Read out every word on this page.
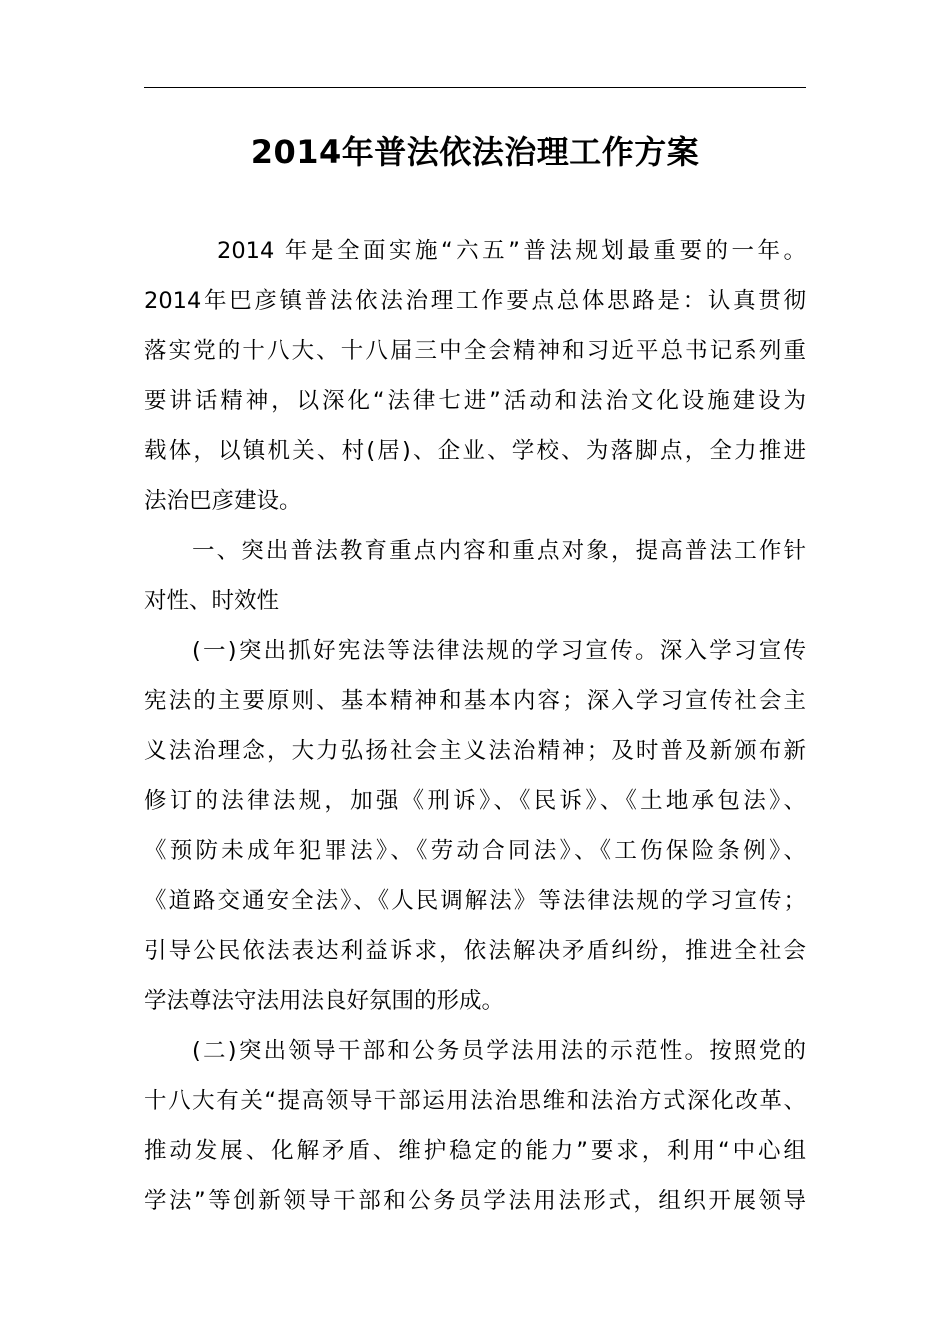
2014年普法依法治理工作方案
2014 年是全面实施“六五”普法规划最重要的一年。
2014年巴彦镇普法依法治理工作要点总体思路是：认真贯彻
落实党的十八大、十八届三中全会精神和习近平总书记系列重
要讲话精神，以深化“法律七进”活动和法治文化设施建设为
载体，以镇机关、村(居)、企业、学校、为落脚点，全力推进
法治巴彦建设。
一、突出普法教育重点内容和重点对象，提高普法工作针
对性、时效性
(一)突出抓好宪法等法律法规的学习宣传。深入学习宣传
宪法的主要原则、基本精神和基本内容；深入学习宣传社会主
义法治理念，大力弘扬社会主义法治精神；及时普及新颁布新
修订的法律法规，加强《刑诉》、《民诉》、《土地承包法》、
《预防未成年犯罪法》、《劳动合同法》、《工伤保险条例》、
《道路交通安全法》、《人民调解法》等法律法规的学习宣传；
引导公民依法表达利益诉求，依法解决矛盾纠纷，推进全社会
学法尊法守法用法良好氛围的形成。
(二)突出领导干部和公务员学法用法的示范性。按照党的
十八大有关“提高领导干部运用法治思维和法治方式深化改革、
推动发展、化解矛盾、维护稳定的能力”要求，利用“中心组
学法”等创新领导干部和公务员学法用法形式，组织开展领导
